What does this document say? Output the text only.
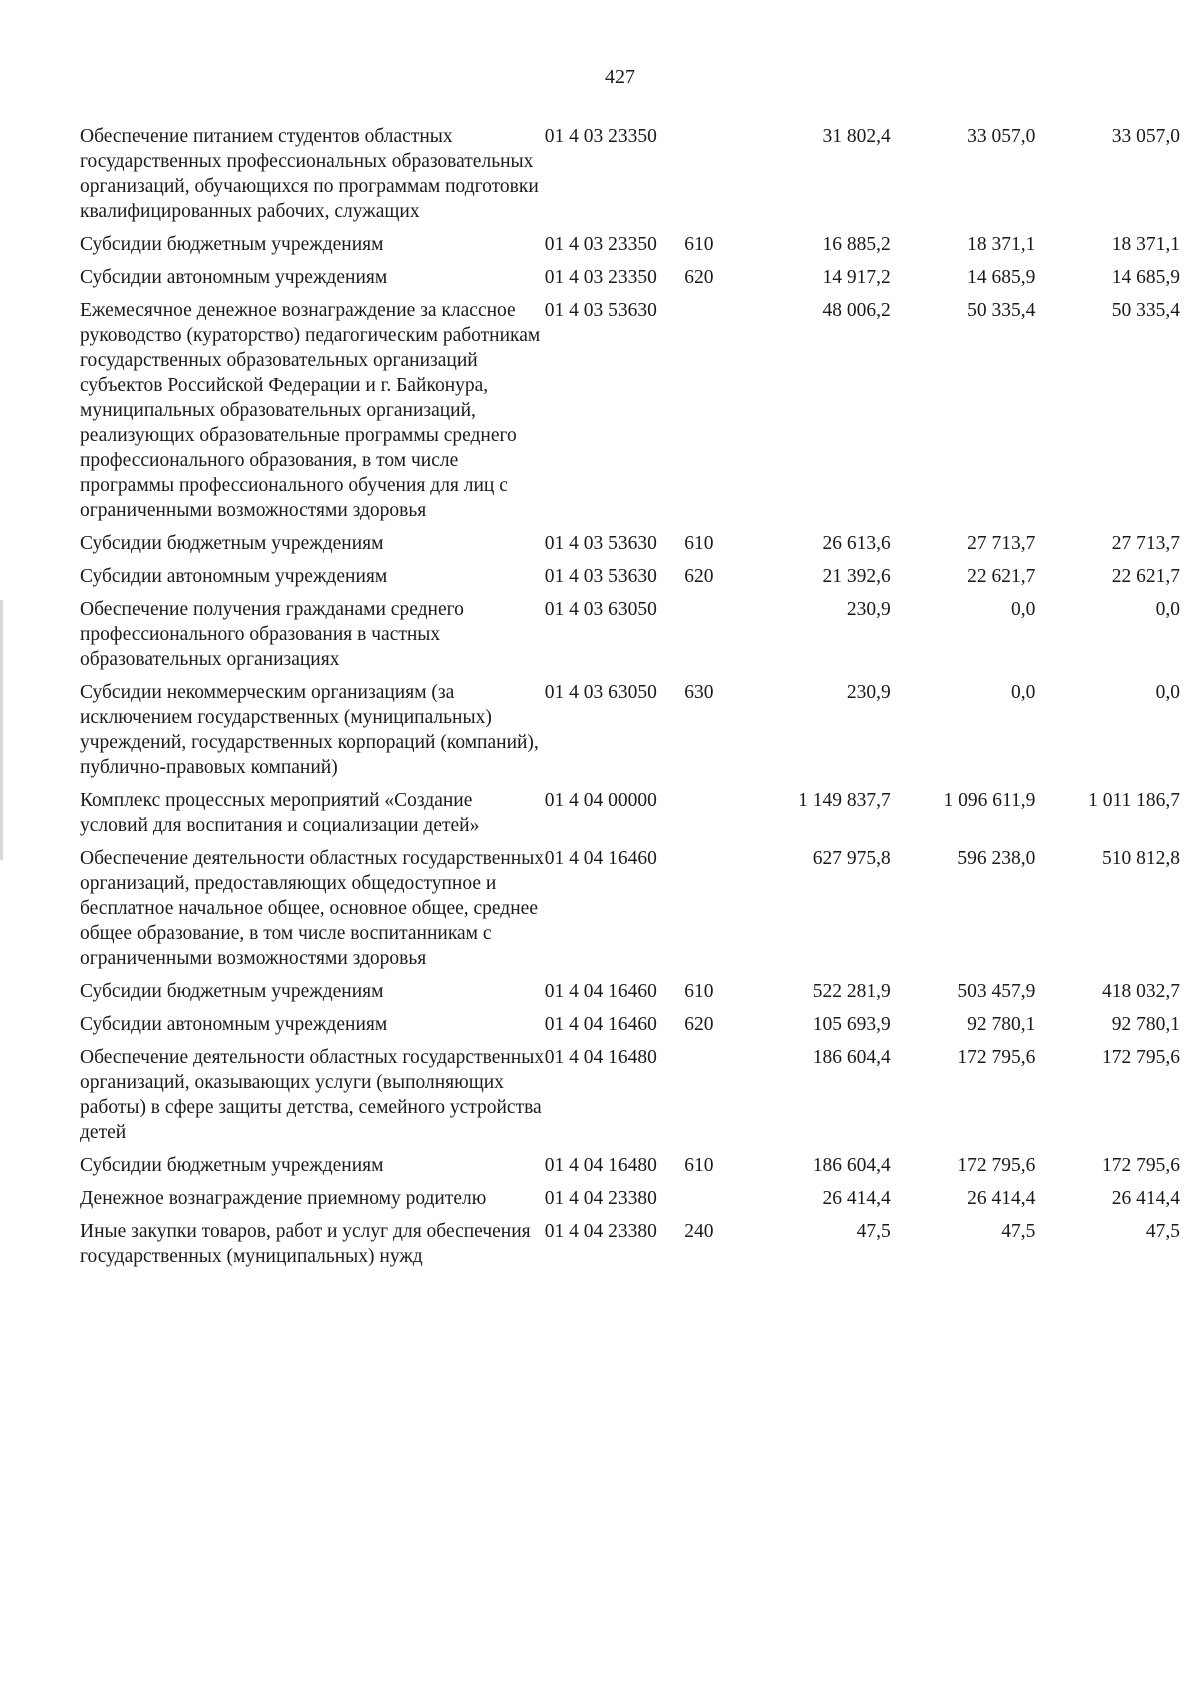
427
Обеспечение питанием студентов областных государственных профессиональных образовательных организаций, обучающихся по программам подготовки квалифицированных рабочих, служащих	01 4 03 23350		31 802,4	33 057,0	33 057,0
Субсидии бюджетным учреждениям	01 4 03 23350	610	16 885,2	18 371,1	18 371,1
Субсидии автономным учреждениям	01 4 03 23350	620	14 917,2	14 685,9	14 685,9
Ежемесячное денежное вознаграждение за классное руководство (кураторство) педагогическим работникам государственных образовательных организаций субъектов Российской Федерации и г. Байконура, муниципальных образовательных организаций, реализующих образовательные программы среднего профессионального образования, в том числе программы профессионального обучения для лиц с ограниченными возможностями здоровья	01 4 03 53630		48 006,2	50 335,4	50 335,4
Субсидии бюджетным учреждениям	01 4 03 53630	610	26 613,6	27 713,7	27 713,7
Субсидии автономным учреждениям	01 4 03 53630	620	21 392,6	22 621,7	22 621,7
Обеспечение получения гражданами среднего профессионального образования в частных образовательных организациях	01 4 03 63050		230,9	0,0	0,0
Субсидии некоммерческим организациям (за исключением государственных (муниципальных) учреждений, государственных корпораций (компаний), публично-правовых компаний)	01 4 03 63050	630	230,9	0,0	0,0
Комплекс процессных мероприятий «Создание условий для воспитания и социализации детей»	01 4 04 00000		1 149 837,7	1 096 611,9	1 011 186,7
Обеспечение деятельности областных государственных организаций, предоставляющих общедоступное и бесплатное начальное общее, основное общее, среднее общее образование, в том числе воспитанникам с ограниченными возможностями здоровья	01 4 04 16460		627 975,8	596 238,0	510 812,8
Субсидии бюджетным учреждениям	01 4 04 16460	610	522 281,9	503 457,9	418 032,7
Субсидии автономным учреждениям	01 4 04 16460	620	105 693,9	92 780,1	92 780,1
Обеспечение деятельности областных государственных организаций, оказывающих услуги (выполняющих работы) в сфере защиты детства, семейного устройства детей	01 4 04 16480		186 604,4	172 795,6	172 795,6
Субсидии бюджетным учреждениям	01 4 04 16480	610	186 604,4	172 795,6	172 795,6
Денежное вознаграждение приемному родителю	01 4 04 23380		26 414,4	26 414,4	26 414,4
Иные закупки товаров, работ и услуг для обеспечения государственных (муниципальных) нужд	01 4 04 23380	240	47,5	47,5	47,5
